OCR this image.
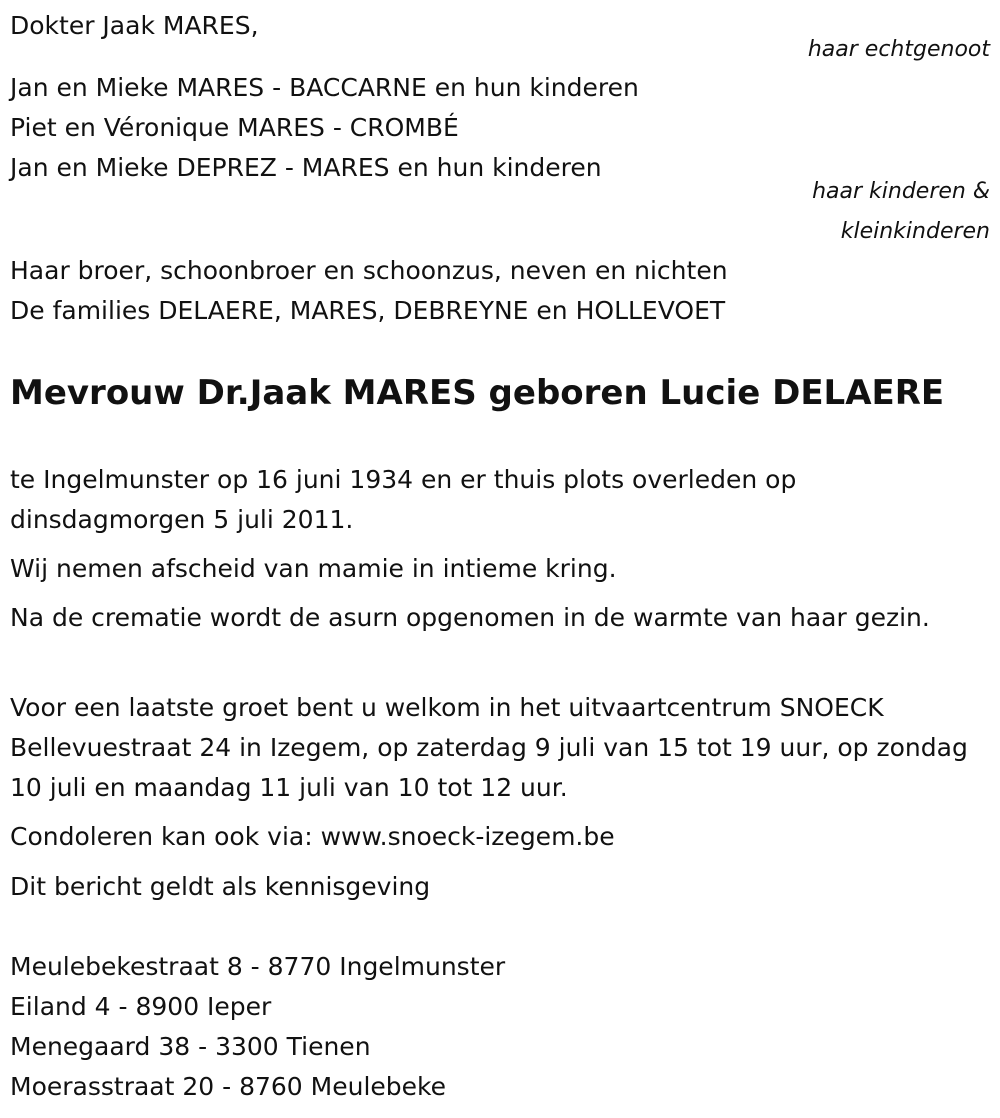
Dokter Jaak MARES,
haar echtgenoot
Jan en Mieke MARES - BACCARNE en hun kinderen
Piet en Véronique MARES - CROMBÉ
Jan en Mieke DEPREZ - MARES en hun kinderen
haar kinderen &
kleinkinderen
Haar broer, schoonbroer en schoonzus, neven en nichten
De families DELAERE, MARES, DEBREYNE en HOLLEVOET
Mevrouw Dr.Jaak MARES geboren Lucie DELAERE
te Ingelmunster op 16 juni 1934 en er thuis plots overleden op dinsdagmorgen 5 juli 2011.
Wij nemen afscheid van mamie in intieme kring.
Na de crematie wordt de asurn opgenomen in de warmte van haar gezin.
Voor een laatste groet bent u welkom in het uitvaartcentrum SNOECK Bellevuestraat 24 in Izegem, op zaterdag 9 juli van 15 tot 19 uur, op zondag 10 juli en maandag 11 juli van 10 tot 12 uur.
Condoleren kan ook via: www.snoeck-izegem.be
Dit bericht geldt als kennisgeving
Meulebekestraat 8 - 8770 Ingelmunster
Eiland 4 - 8900 Ieper
Menegaard 38 - 3300 Tienen
Moerasstraat 20 - 8760 Meulebeke
